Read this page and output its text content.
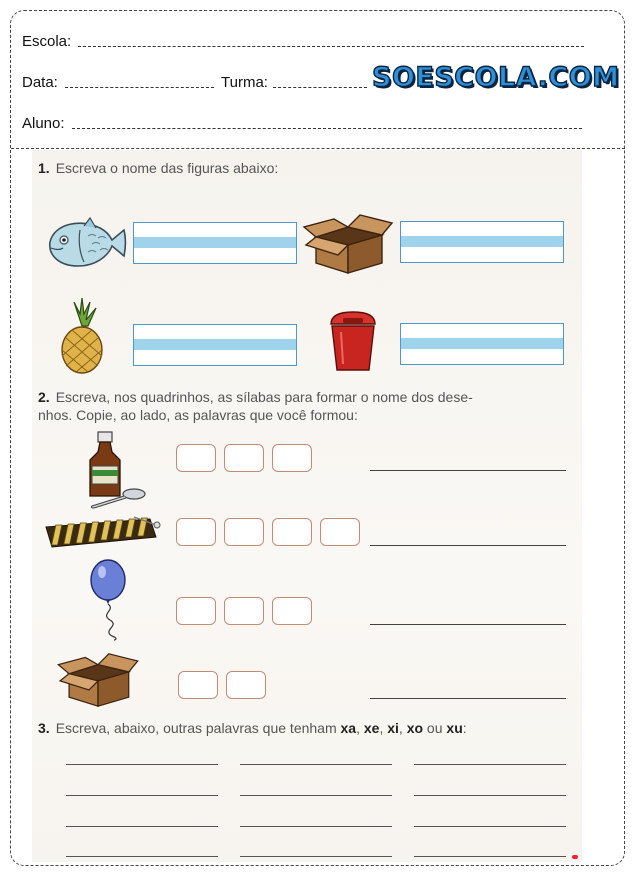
Escola:
Data:	Turma:	SOESCOLA.COM
Aluno:
1. Escreva o nome das figuras abaixo:
2. Escreva, nos quadrinhos, as sílabas para formar o nome dos dese-
nhos. Copie, ao lado, as palavras que você formou:
3. Escreva, abaixo, outras palavras que tenham xa, xe, xi, xo ou xu:
